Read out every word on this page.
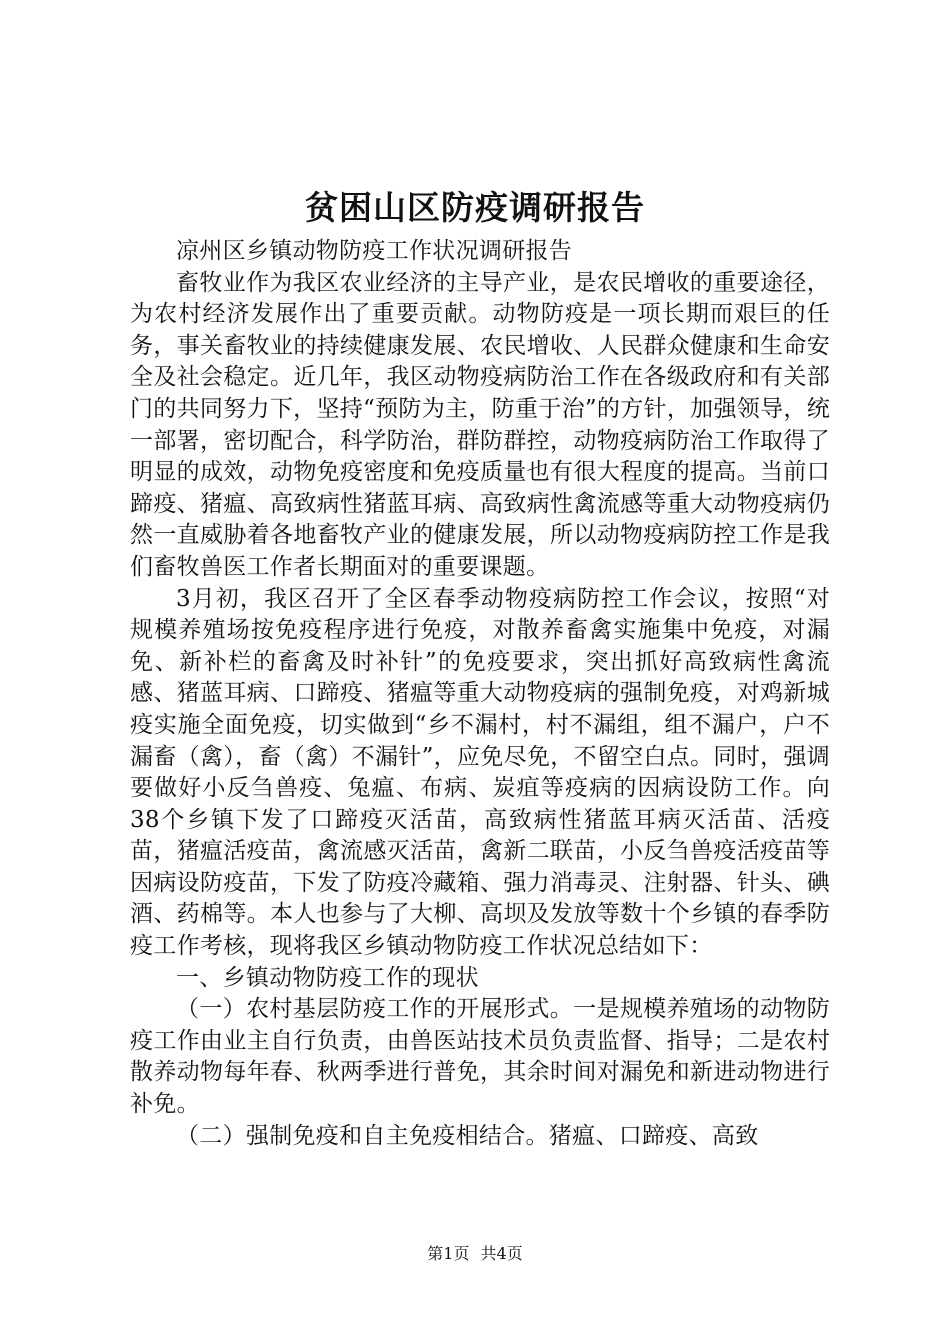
贫困山区防疫调研报告

凉州区乡镇动物防疫工作状况调研报告

畜牧业作为我区农业经济的主导产业，是农民增收的重要途径，为农村经济发展作出了重要贡献。动物防疫是一项长期而艰巨的任务，事关畜牧业的持续健康发展、农民增收、人民群众健康和生命安全及社会稳定。近几年，我区动物疫病防治工作在各级政府和有关部门的共同努力下，坚持“预防为主，防重于治”的方针，加强领导，统一部署，密切配合，科学防治，群防群控，动物疫病防治工作取得了明显的成效，动物免疫密度和免疫质量也有很大程度的提高。当前口蹄疫、猪瘟、高致病性猪蓝耳病、高致病性禽流感等重大动物疫病仍然一直威胁着各地畜牧产业的健康发展，所以动物疫病防控工作是我们畜牧兽医工作者长期面对的重要课题。

3月初，我区召开了全区春季动物疫病防控工作会议，按照“对规模养殖场按免疫程序进行免疫，对散养畜禽实施集中免疫，对漏免、新补栏的畜禽及时补针”的免疫要求，突出抓好高致病性禽流感、猪蓝耳病、口蹄疫、猪瘟等重大动物疫病的强制免疫，对鸡新城疫实施全面免疫，切实做到“乡不漏村，村不漏组，组不漏户，户不漏畜（禽），畜（禽）不漏针”，应免尽免，不留空白点。同时，强调要做好小反刍兽疫、兔瘟、布病、炭疽等疫病的因病设防工作。向38个乡镇下发了口蹄疫灭活苗，高致病性猪蓝耳病灭活苗、活疫苗，猪瘟活疫苗，禽流感灭活苗，禽新二联苗，小反刍兽疫活疫苗等因病设防疫苗，下发了防疫冷藏箱、强力消毒灵、注射器、针头、碘酒、药棉等。本人也参与了大柳、高坝及发放等数十个乡镇的春季防疫工作考核，现将我区乡镇动物防疫工作状况总结如下：

一、乡镇动物防疫工作的现状

（一）农村基层防疫工作的开展形式。一是规模养殖场的动物防疫工作由业主自行负责，由兽医站技术员负责监督、指导；二是农村散养动物每年春、秋两季进行普免，其余时间对漏免和新进动物进行补免。

（二）强制免疫和自主免疫相结合。猪瘟、口蹄疫、高致

第1页 共4页
